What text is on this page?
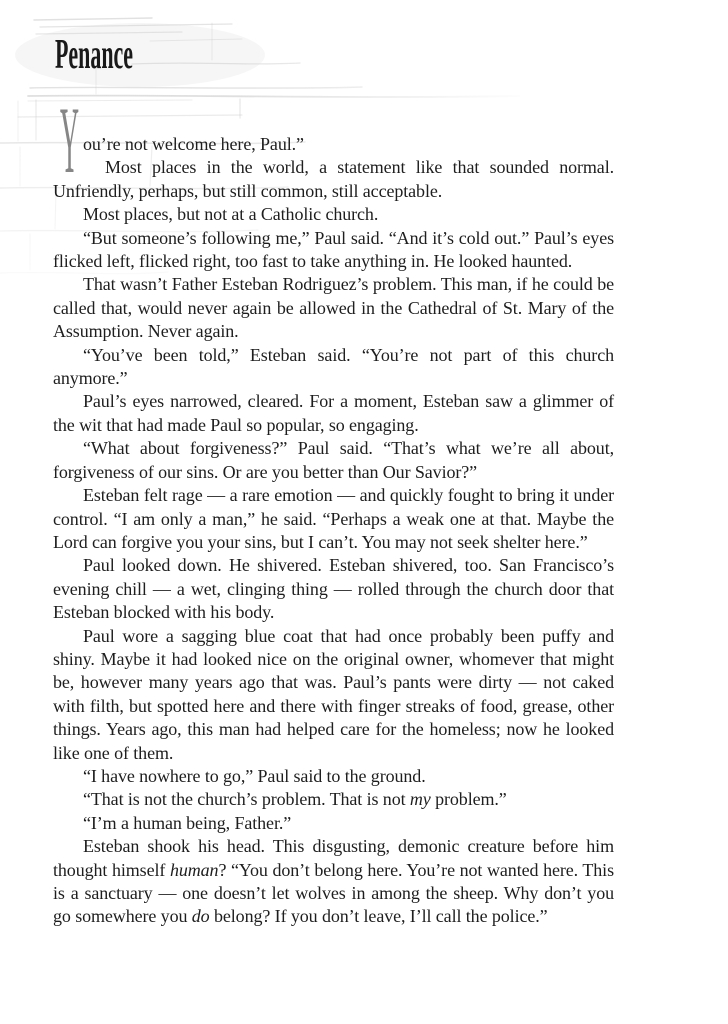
Penance
Y ou’re not welcome here, Paul.”

Most places in the world, a statement like that sounded normal. Unfriendly, perhaps, but still common, still acceptable.

Most places, but not at a Catholic church.

“But someone’s following me,” Paul said. “And it’s cold out.” Paul’s eyes flicked left, flicked right, too fast to take anything in. He looked haunted.

That wasn’t Father Esteban Rodriguez’s problem. This man, if he could be called that, would never again be allowed in the Cathedral of St. Mary of the Assumption. Never again.

“You’ve been told,” Esteban said. “You’re not part of this church anymore.”

Paul’s eyes narrowed, cleared. For a moment, Esteban saw a glimmer of the wit that had made Paul so popular, so engaging.

“What about forgiveness?” Paul said. “That’s what we’re all about, forgiveness of our sins. Or are you better than Our Savior?”

Esteban felt rage — a rare emotion — and quickly fought to bring it under control. “I am only a man,” he said. “Perhaps a weak one at that. Maybe the Lord can forgive you your sins, but I can’t. You may not seek shelter here.”

Paul looked down. He shivered. Esteban shivered, too. San Francisco’s evening chill — a wet, clinging thing — rolled through the church door that Esteban blocked with his body.

Paul wore a sagging blue coat that had once probably been puffy and shiny. Maybe it had looked nice on the original owner, whomever that might be, however many years ago that was. Paul’s pants were dirty — not caked with filth, but spotted here and there with finger streaks of food, grease, other things. Years ago, this man had helped care for the homeless; now he looked like one of them.

“I have nowhere to go,” Paul said to the ground.

“That is not the church’s problem. That is not my problem.”

“I’m a human being, Father.”

Esteban shook his head. This disgusting, demonic creature before him thought himself human? “You don’t belong here. You’re not wanted here. This is a sanctuary — one doesn’t let wolves in among the sheep. Why don’t you go somewhere you do belong? If you don’t leave, I’ll call the police.”
